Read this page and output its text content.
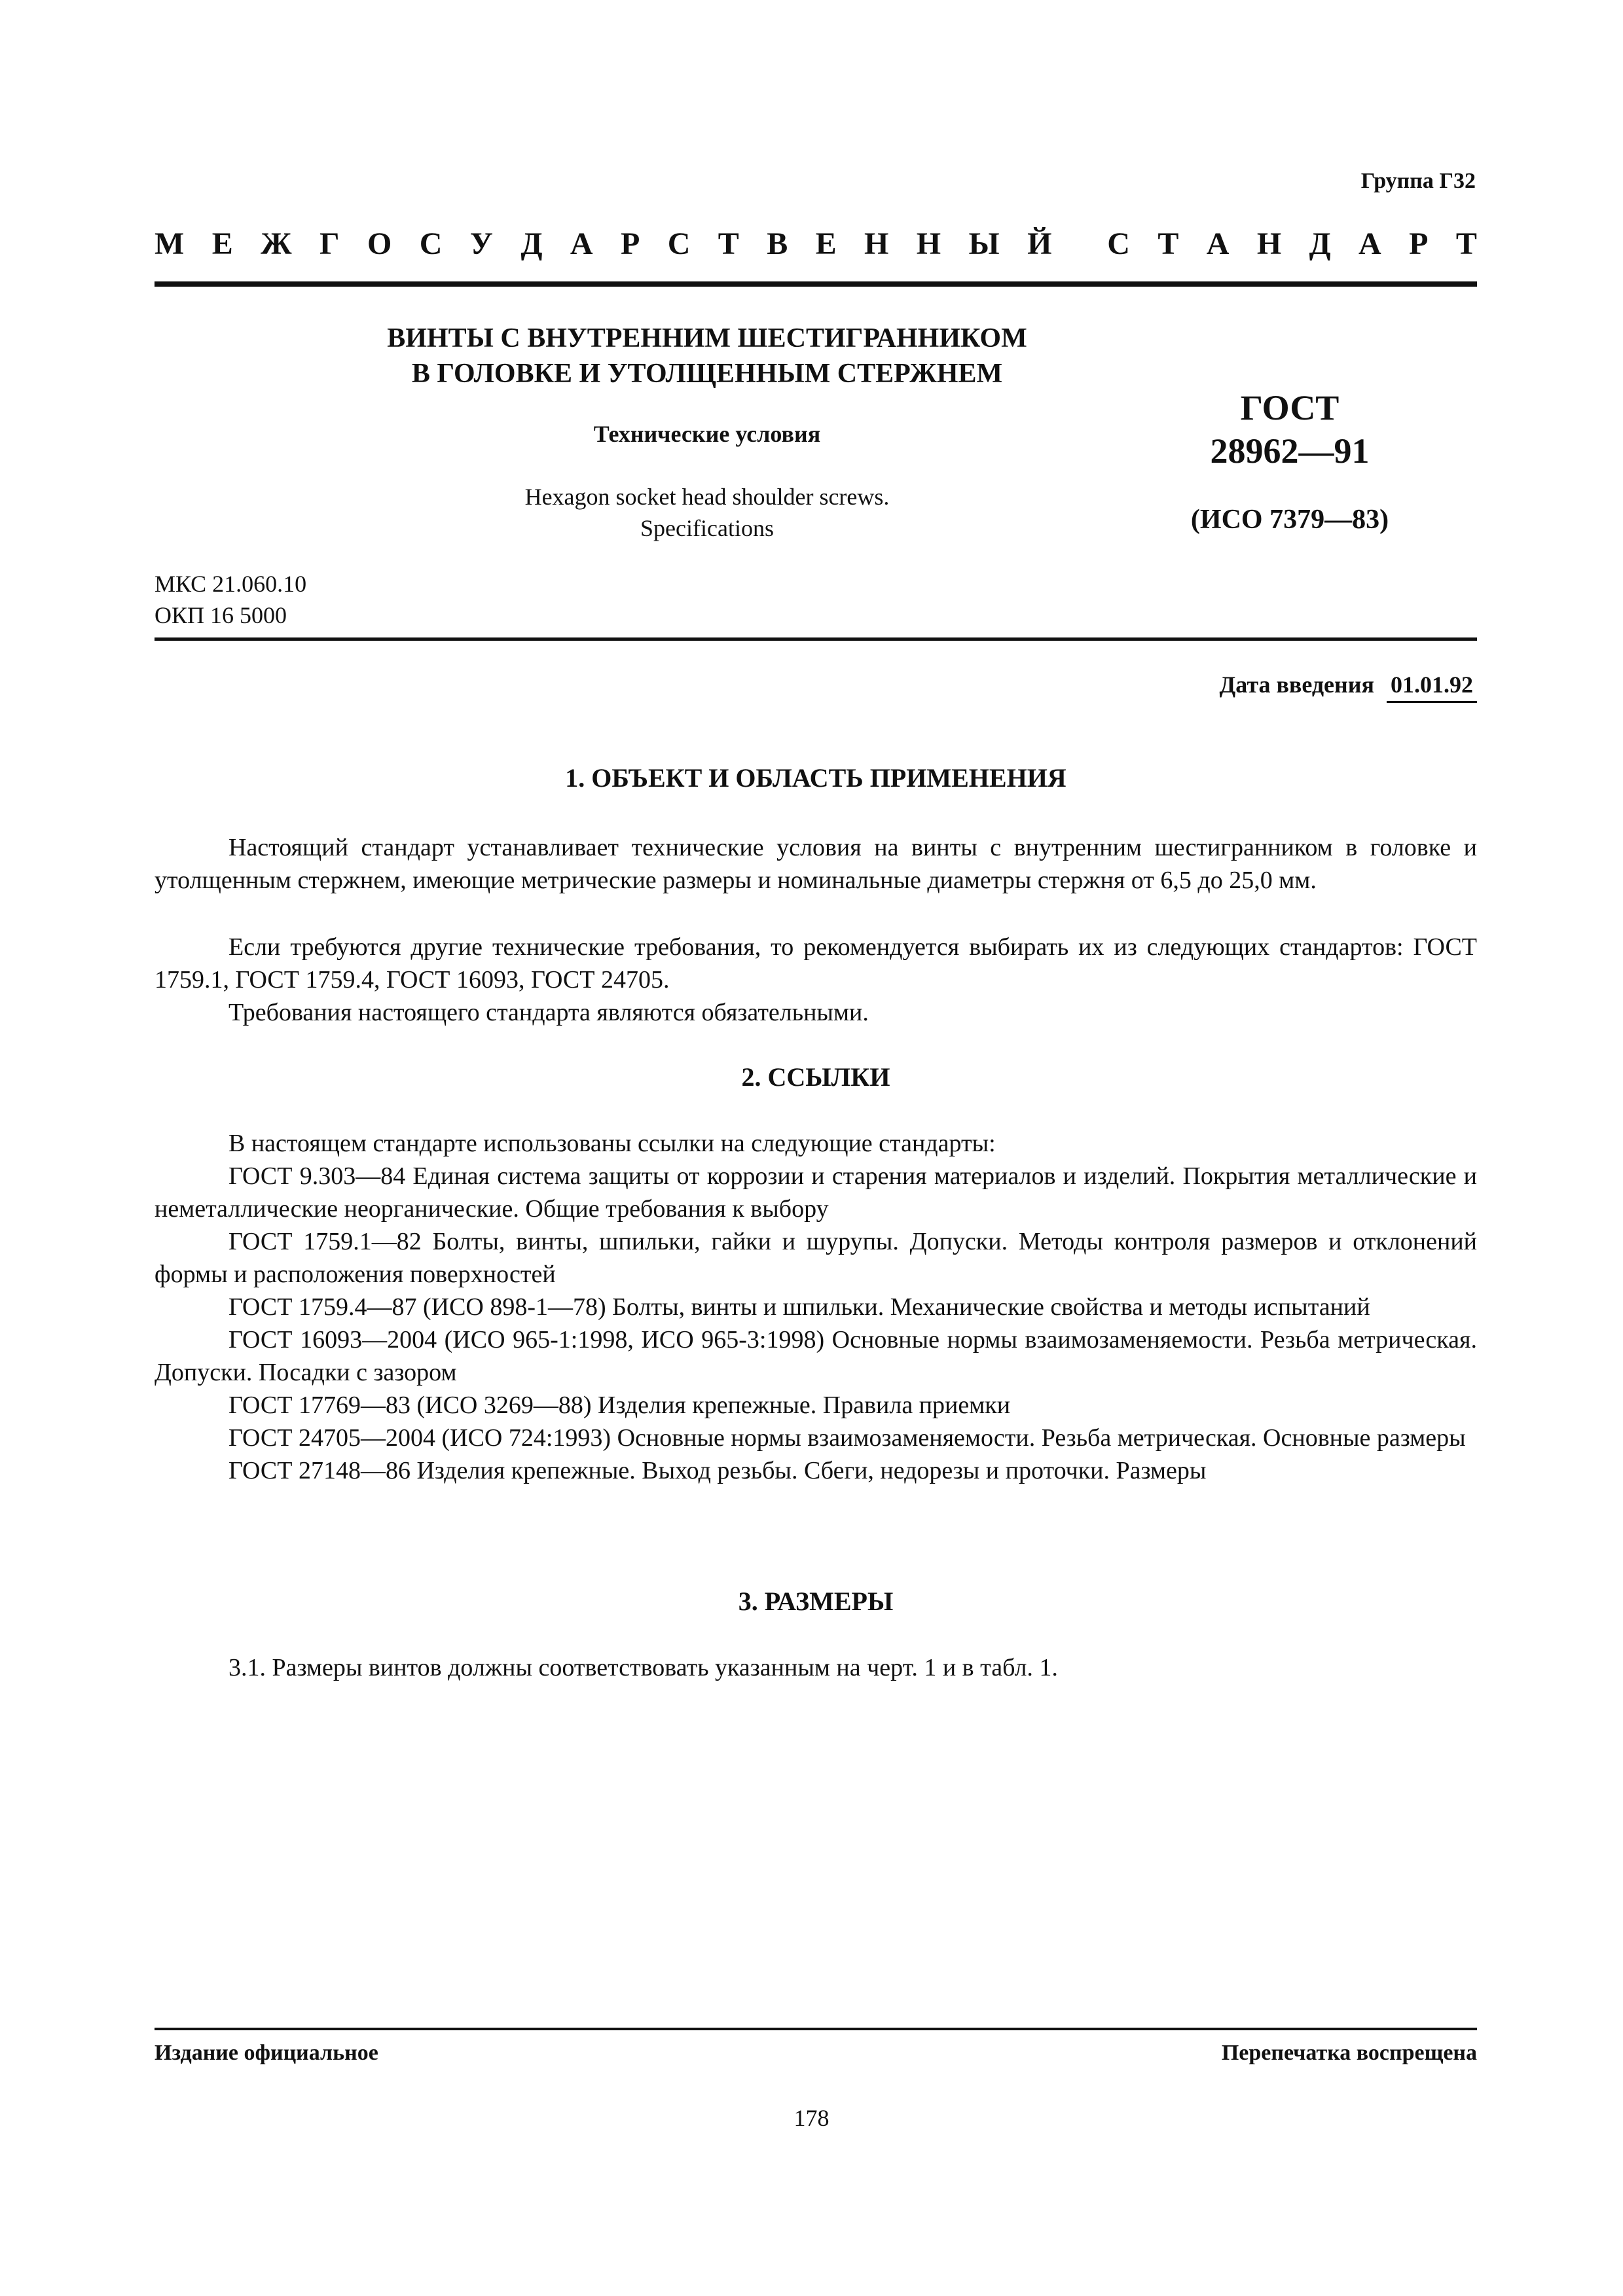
Группа Г32
М Е Ж Г О С У Д А Р С Т В Е Н Н Ы Й С Т А Н Д А Р Т
ВИНТЫ С ВНУТРЕННИМ ШЕСТИГРАННИКОМ
В ГОЛОВКЕ И УТОЛЩЕННЫМ СТЕРЖНЕМ
Технические условия
Hexagon socket head shoulder screws.
Specifications
ГОСТ
28962—91
(ИСО 7379—83)
МКС 21.060.10
ОКП 16 5000
Дата введения 01.01.92
1. ОБЪЕКТ И ОБЛАСТЬ ПРИМЕНЕНИЯ

Настоящий стандарт устанавливает технические условия на винты с внутренним шестигранником в головке и утолщенным стержнем, имеющие метрические размеры и номинальные диаметры стержня от 6,5 до 25,0 мм.

Если требуются другие технические требования, то рекомендуется выбирать их из следующих стандартов: ГОСТ 1759.1, ГОСТ 1759.4, ГОСТ 16093, ГОСТ 24705.

Требования настоящего стандарта являются обязательными.

2. ССЫЛКИ

В настоящем стандарте использованы ссылки на следующие стандарты:

ГОСТ 9.303—84 Единая система защиты от коррозии и старения материалов и изделий. Покрытия металлические и неметаллические неорганические. Общие требования к выбору

ГОСТ 1759.1—82 Болты, винты, шпильки, гайки и шурупы. Допуски. Методы контроля размеров и отклонений формы и расположения поверхностей

ГОСТ 1759.4—87 (ИСО 898-1—78) Болты, винты и шпильки. Механические свойства и методы испытаний

ГОСТ 16093—2004 (ИСО 965-1:1998, ИСО 965-3:1998) Основные нормы взаимозаменяемости. Резьба метрическая. Допуски. Посадки с зазором

ГОСТ 17769—83 (ИСО 3269—88) Изделия крепежные. Правила приемки

ГОСТ 24705—2004 (ИСО 724:1993) Основные нормы взаимозаменяемости. Резьба метрическая. Основные размеры

ГОСТ 27148—86 Изделия крепежные. Выход резьбы. Сбеги, недорезы и проточки. Размеры

3. РАЗМЕРЫ

3.1. Размеры винтов должны соответствовать указанным на черт. 1 и в табл. 1.

Издание официальное	Перепечатка воспрещена
178
